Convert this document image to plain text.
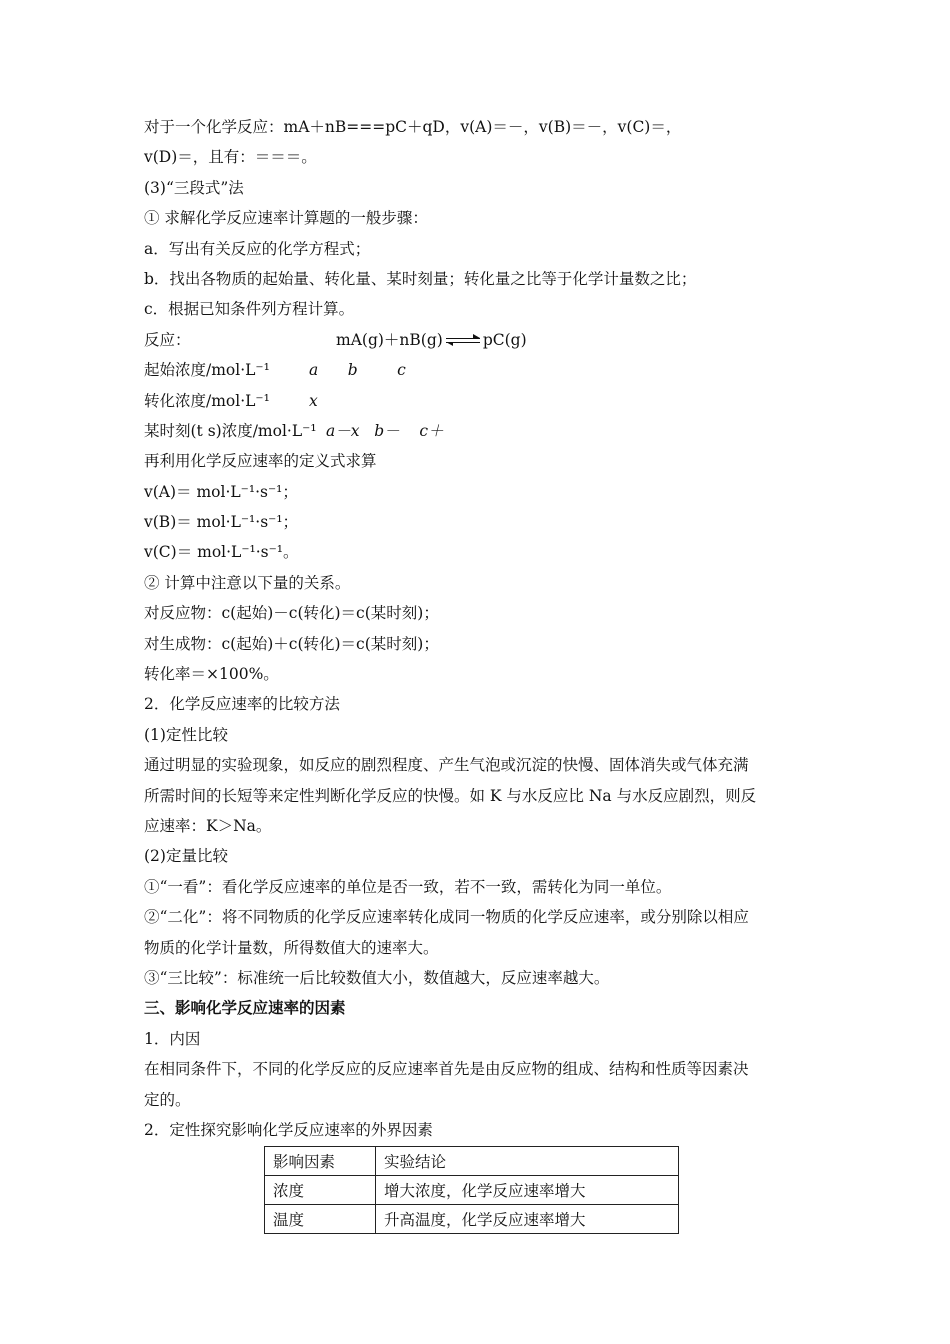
对于一个化学反应：mA＋nB===pC＋qD，v(A)＝－，v(B)＝－，v(C)＝，
v(D)＝，且有：＝＝＝。
(3)“三段式”法
① 求解化学反应速率计算题的一般步骤：
a．写出有关反应的化学方程式；
b．找出各物质的起始量、转化量、某时刻量；转化量之比等于化学计量数之比；
c．根据已知条件列方程计算。
反应：	mA(g)＋nB(g)	pC(g)
起始浓度/mol·L⁻¹	a      b        c
转化浓度/mol·L⁻¹	x
某时刻(t s)浓度/mol·L⁻¹ a－x   b－    c＋
再利用化学反应速率的定义式求算
v(A)＝ mol·L⁻¹·s⁻¹；
v(B)＝ mol·L⁻¹·s⁻¹；
v(C)＝ mol·L⁻¹·s⁻¹。
② 计算中注意以下量的关系。
对反应物：c(起始)－c(转化)＝c(某时刻)；
对生成物：c(起始)＋c(转化)＝c(某时刻)；
转化率＝×100%。
2．化学反应速率的比较方法
(1)定性比较
通过明显的实验现象，如反应的剧烈程度、产生气泡或沉淀的快慢、固体消失或气体充满
所需时间的长短等来定性判断化学反应的快慢。如 K 与水反应比 Na 与水反应剧烈，则反
应速率：K＞Na。
(2)定量比较
①“一看”：看化学反应速率的单位是否一致，若不一致，需转化为同一单位。
②“二化”：将不同物质的化学反应速率转化成同一物质的化学反应速率，或分别除以相应
物质的化学计量数，所得数值大的速率大。
③“三比较”：标准统一后比较数值大小，数值越大，反应速率越大。
三、影响化学反应速率的因素
1．内因
在相同条件下，不同的化学反应的反应速率首先是由反应物的组成、结构和性质等因素决
定的。
2．定性探究影响化学反应速率的外界因素
影响因素	实验结论
浓度	增大浓度，化学反应速率增大
温度	升高温度，化学反应速率增大
